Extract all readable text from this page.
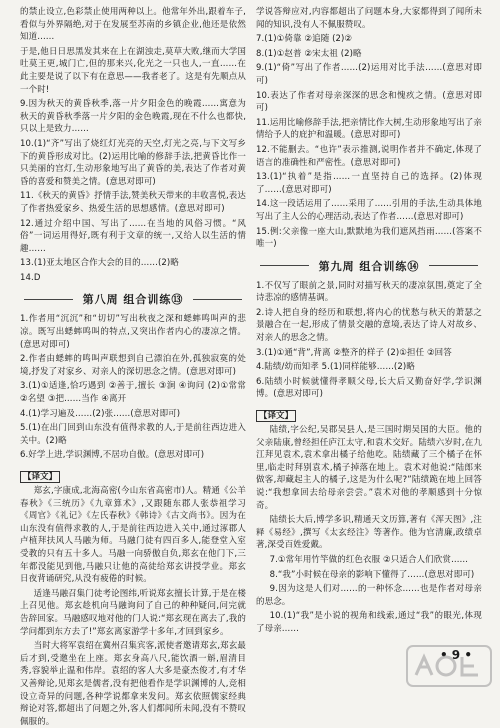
的禁止设立,色彩禁止使用两种以上。他常年外出,跟着车子,看似与外界隔绝,对于在发展至苏南的乡镇企业,他还是依然知道……

于是,他日日思黑发其来在上在湖浊走,莫草大败,继而大学国吐莫王更,城门亡,但的那来兴,化光之一只也人,一直……在此主要是说了以下有在意思——我者老了。这是有先顺点从一个时!

9.因为秋天的黄昏秋季,落一片夕阳金色的晚霞……寓意为秋天的黄昏秋季落一片夕阳的金色晚霞,现在不什么也都快,只以上是致力……

10.(1)“齐”写出了烧红灯光亮的天空,灯光之亮,与下文写乡下的黄昏形成对比。(2)运用比喻的修辞手法,把黄昏比作一只美丽的宫灯,生动形象地写出了黄昏的美,表达了作者对黄昏的喜爱和赞美之情。(意思对即可)

11.《秋天的黄昏》抒情手法,赞美秋天带来的丰收喜悦,表达了作者热爱家乡、热爱生活的思想感情。(意思对即可)

12.通过介绍中国、写出了……在当地的风俗习惯。“风俗”一词运用得好,既有利于文章的统一,又给人以生活的情趣……

13.(1)亚太地区合作大会的目的……(2)略

14.D

第八周 组合训练⑬

1.作者用“沉沉”和“切切”写出秋夜之深和蟋蟀鸣叫声的悲凉。既写出蟋蟀鸣叫的特点,又突出作者内心的凄凉之情。(意思对即可)

2.作者由蟋蟀的鸣叫声联想到自己漂泊在外,孤独寂寞的处境,抒发了对家乡、对亲人的深切思念之情。(意思对即可)

3.(1)①适逢,恰巧遇到 ②善于,擅长 ③涧 ④询问 (2)①常常 ②名望 ③把……当作 ④离开

4.(1)学习遍及……(2)张……(意思对即可)

5.(1)在出门回到山东没有值得求教的人,于是前往西边进入关中。(2)略

6.好学上进,学识渊博,不居功自傲。(意思对即可)

【译文】

郑玄,字康成,北海高密(今山东省高密市)人。精通《公羊春秋》《三统历》《九章算术》,又跟随东郡人张恭祖学习《周官》《礼记》《左氏春秋》《韩诗》《古文尚书》。因为在山东没有值得求教的人,于是前往西边进入关中,通过涿郡人卢植拜扶风人马融为师。马融门徒有四百多人,能登堂入室受教的只有五十多人。马融一向骄傲自负,郑玄在他门下,三年都没能见到他,马融只让他的高徒给郑玄讲授学业。郑玄日夜背诵研究,从没有疲倦的时候。

适逢马融召集门徒考论图纬,听说郑玄擅长计算,于是在楼上召见他。郑玄趁机向马融询问了自己的种种疑问,问完就告辞回家。马融感叹地对他的门人说:“郑玄现在离去了,我的学问都到东方去了!”郑玄离家游学十多年,才回到家乡。

当时大将军袁绍在冀州召集宾客,派使者邀请郑玄,郑玄最后才到,受邀坐在上座。郑玄身高八尺,能饮酒一斛,眉清目秀,容貌举止温和伟岸。袁绍的客人大多是豪杰俊才,有才华又善辩论,见郑玄是儒者,没有把他看作是学识渊博的人,竞相设立奇异的问题,各种学说都拿来发问。郑玄依照儒家经典辩论对答,都超出了问题之外,客人们都闻所未闻,没有不赞叹佩服的。

学说答辩应对,内容都超出了问题本身,大家都得到了闻所未闻的知识,没有人不佩服赞叹。

7.(1)①倚靠 ②追随 (2)②

8.(1)①赵普 ②宋太祖 (2)略

9.(1)“倚”写出了作者……(2)运用对比手法……(意思对即可)

10.表达了作者对母亲深深的思念和愧疚之情。(意思对即可)

11.运用比喻修辞手法,把亲情比作大树,生动形象地写出了亲情给予人的庇护和温暖。(意思对即可)

12.不能删去。“也许”表示推测,说明作者并不确定,体现了语言的准确性和严密性。(意思对即可)

13.(1)“执着”是指……一直坚持自己的选择。(2)体现了……(意思对即可)

14.这一段话运用了……采用了……引用的手法,生动具体地写出了主人公的心理活动,表达了作者……(意思对即可)

15.例:父亲像一座大山,默默地为我们遮风挡雨……(答案不唯一)

第九周 组合训练⑭

1.不仅写了眼前之景,同时对描写秋天的凄凉氛围,奠定了全诗悲凉的感情基调。

2.诗人把自身的经历和联想,将内心的忧愁与秋天的萧瑟之景融合在一起,形成了情景交融的意境,表达了诗人对故乡、对亲人的思念之情。

3.(1)①通“背”,背离 ②整齐的样子 (2)①担任 ②回答

4.陆绩/幼而知孝 5.(1)同样能够……(2)略

6.陆绩小时候就懂得孝顺父母,长大后又勤奋好学,学识渊博。(意思对即可)

【译文】

陆绩,字公纪,吴郡吴县人,是三国时期吴国的大臣。他的父亲陆康,曾经担任庐江太守,和袁术交好。陆绩六岁时,在九江拜见袁术,袁术拿出橘子给他吃。陆绩藏了三个橘子在怀里,临走时拜别袁术,橘子掉落在地上。袁术对他说:“陆郎来做客,却藏起主人的橘子,这是为什么呢?”陆绩跪在地上回答说:“我想拿回去给母亲尝尝。”袁术对他的孝顺感到十分惊奇。

陆绩长大后,博学多识,精通天文历算,著有《浑天图》,注释《易经》,撰写《太玄经注》等著作。他为官清廉,政绩卓著,深受百姓爱戴。

7.①常年用竹竿做的红色衣服 ②只适合人们欣赏……

8.“我”小时候在母亲的影响下懂得了……(意思对即可)

9.因为这是人们对……的一种怀念……也是作者对母亲的思念。

10.(1)“我”是小说的视角和线索,通过“我”的眼光,体现了母亲……

• 9 •
